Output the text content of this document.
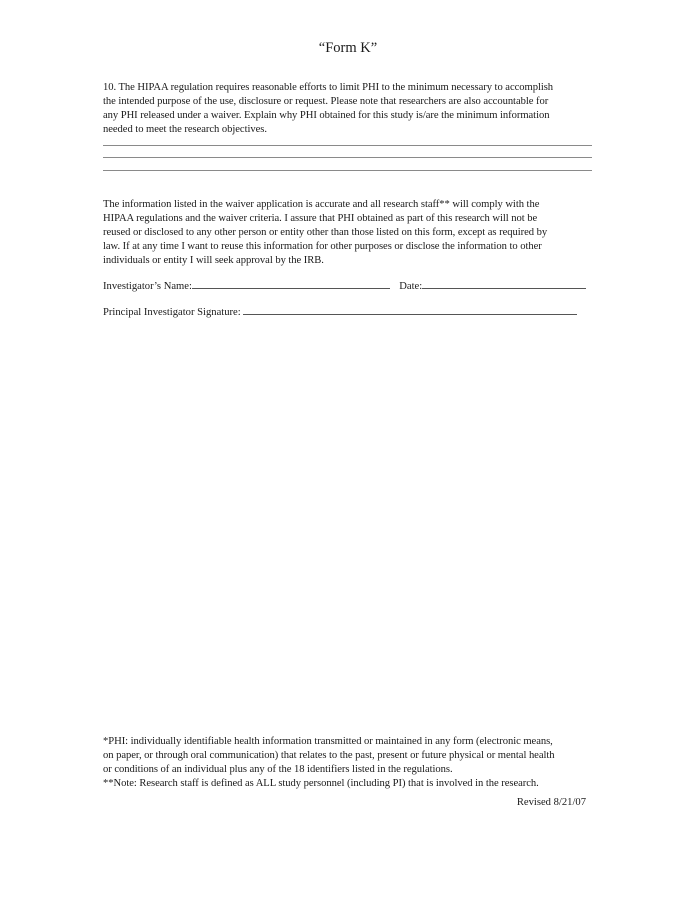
“Form K”
10. The HIPAA regulation requires reasonable efforts to limit PHI to the minimum necessary to accomplish
the intended purpose of the use, disclosure or request. Please note that researchers are also accountable for
any PHI released under a waiver. Explain why PHI obtained for this study is/are the minimum information
needed to meet the research objectives.
The information listed in the waiver application is accurate and all research staff** will comply with the
HIPAA regulations and the waiver criteria. I assure that PHI obtained as part of this research will not be
reused or disclosed to any other person or entity other than those listed on this form, except as required by
law. If at any time I want to reuse this information for other purposes or disclose the information to other
individuals or entity I will seek approval by the IRB.
Investigator’s Name:	Date:
Principal Investigator Signature:
*PHI: individually identifiable health information transmitted or maintained in any form (electronic means,
on paper, or through oral communication) that relates to the past, present or future physical or mental health
or conditions of an individual plus any of the 18 identifiers listed in the regulations.
**Note: Research staff is defined as ALL study personnel (including PI) that is involved in the research.
Revised 8/21/07
